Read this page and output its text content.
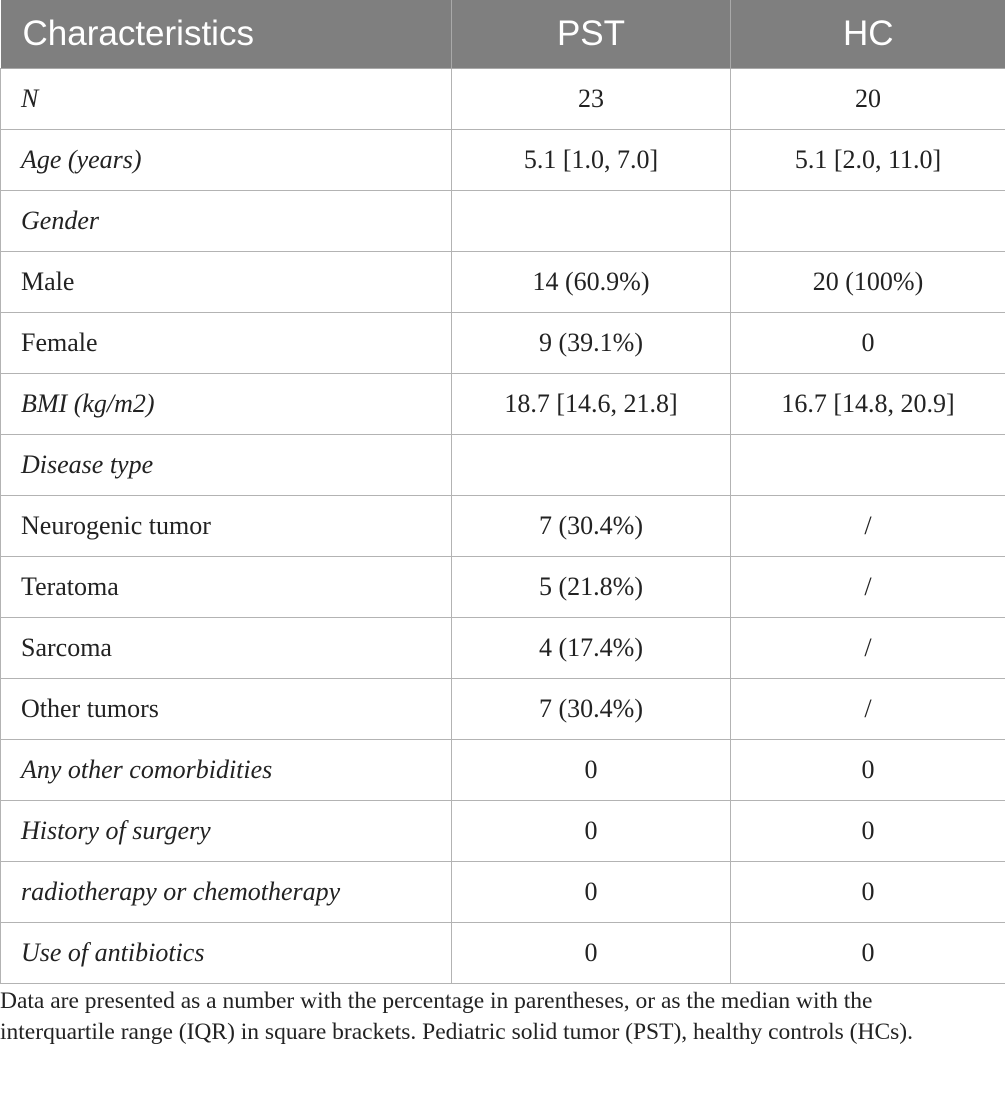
Characteristics	PST	HC
N	23	20
Age (years)	5.1 [1.0, 7.0]	5.1 [2.0, 11.0]
Gender		
Male	14 (60.9%)	20 (100%)
Female	9 (39.1%)	0
BMI (kg/m2)	18.7 [14.6, 21.8]	16.7 [14.8, 20.9]
Disease type		
Neurogenic tumor	7 (30.4%)	/
Teratoma	5 (21.8%)	/
Sarcoma	4 (17.4%)	/
Other tumors	7 (30.4%)	/
Any other comorbidities	0	0
History of surgery	0	0
radiotherapy or chemotherapy	0	0
Use of antibiotics	0	0
Data are presented as a number with the percentage in parentheses, or as the median with the interquartile range (IQR) in square brackets. Pediatric solid tumor (PST), healthy controls (HCs).
